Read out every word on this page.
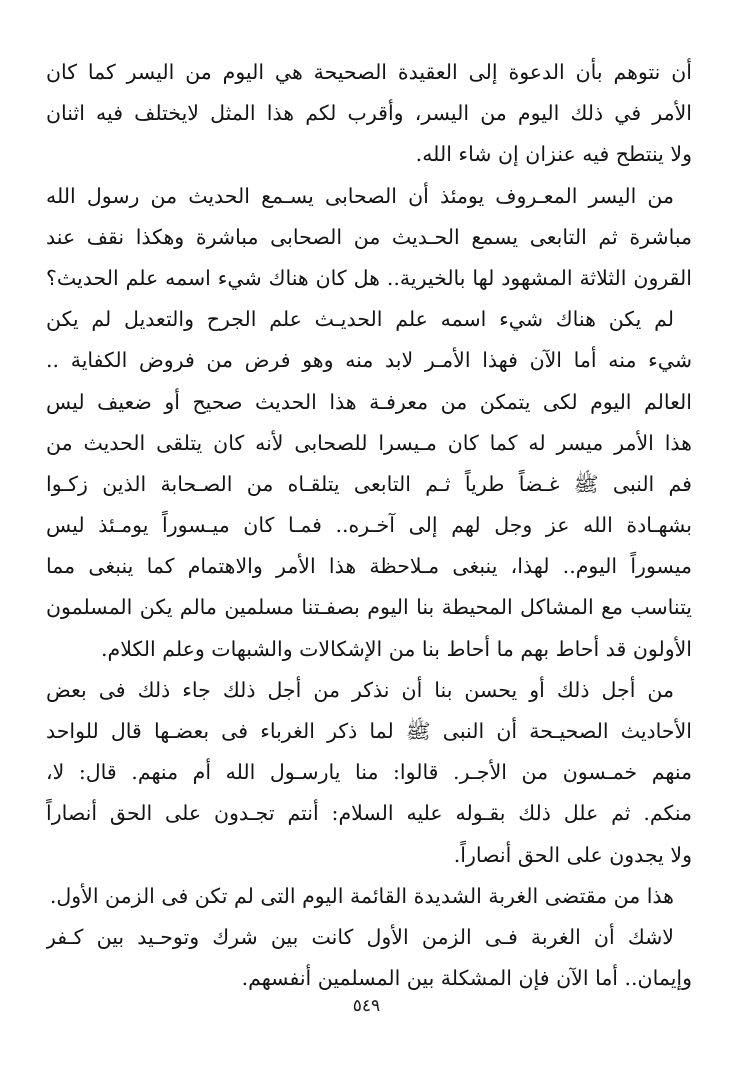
أن نتوهم بأن الدعوة إلى العقيدة الصحيحة هي اليوم من اليسر كما كان
الأمر في ذلك اليوم من اليسر، وأقرب لكم هذا المثل لايختلف فيه اثنان
ولا ينتطح فيه عنزان إن شاء الله.
من اليسر المعـروف يومئذ أن الصحابى يسـمع الحديث من رسول الله
مباشرة ثم التابعى يسمع الحـديث من الصحابى مباشرة وهكذا نقف عند
القرون الثلاثة المشهود لها بالخيرية.. هل كان هناك شيء اسمه علم الحديث؟
لم يكن هناك شيء اسمه علم الحديـث علم الجرح والتعديل لم يكن
شيء منه أما الآن فهذا الأمـر لابد منه وهو فرض من فروض الكفاية ..
العالم اليوم لكى يتمكن من معرفـة هذا الحديث صحيح أو ضعيف ليس
هذا الأمر ميسر له كما كان مـيسرا للصحابى لأنه كان يتلقى الحديث من
فم النبى ﷺ غـضاً طرياً ثـم التابعى يتلقـاه من الصـحابة الذين زكـوا
بشهـادة الله عز وجل لهم إلى آخـره.. فمـا كان ميـسوراً يومـئذ ليس
ميسوراً اليوم.. لهذا، ينبغى مـلاحظة هذا الأمر والاهتمام كما ينبغى مما
يتناسب مع المشاكل المحيطة بنا اليوم بصفـتنا مسلمين مالم يكن المسلمون
الأولون قد أحاط بهم ما أحاط بنا من الإشكالات والشبهات وعلم الكلام.
من أجل ذلك أو يحسن بنا أن نذكر من أجل ذلك جاء ذلك فى بعض
الأحاديث الصحيـحة أن النبى ﷺ لما ذكر الغرباء فى بعضـها قال للواحد
منهم خمـسون من الأجـر. قالوا: منا يارسـول الله أم منهم. قال: لا،
منكم. ثم علل ذلك بقـوله عليه السلام: أنتم تجـدون على الحق أنصاراً
ولا يجدون على الحق أنصاراً.
هذا من مقتضى الغربة الشديدة القائمة اليوم التى لم تكن فى الزمن الأول.
لاشك أن الغربة فـى الزمن الأول كانت بين شرك وتوحـيد بين كـفر
وإيمان.. أما الآن فإن المشكلة بين المسلمين أنفسهم.
٥٤٩
